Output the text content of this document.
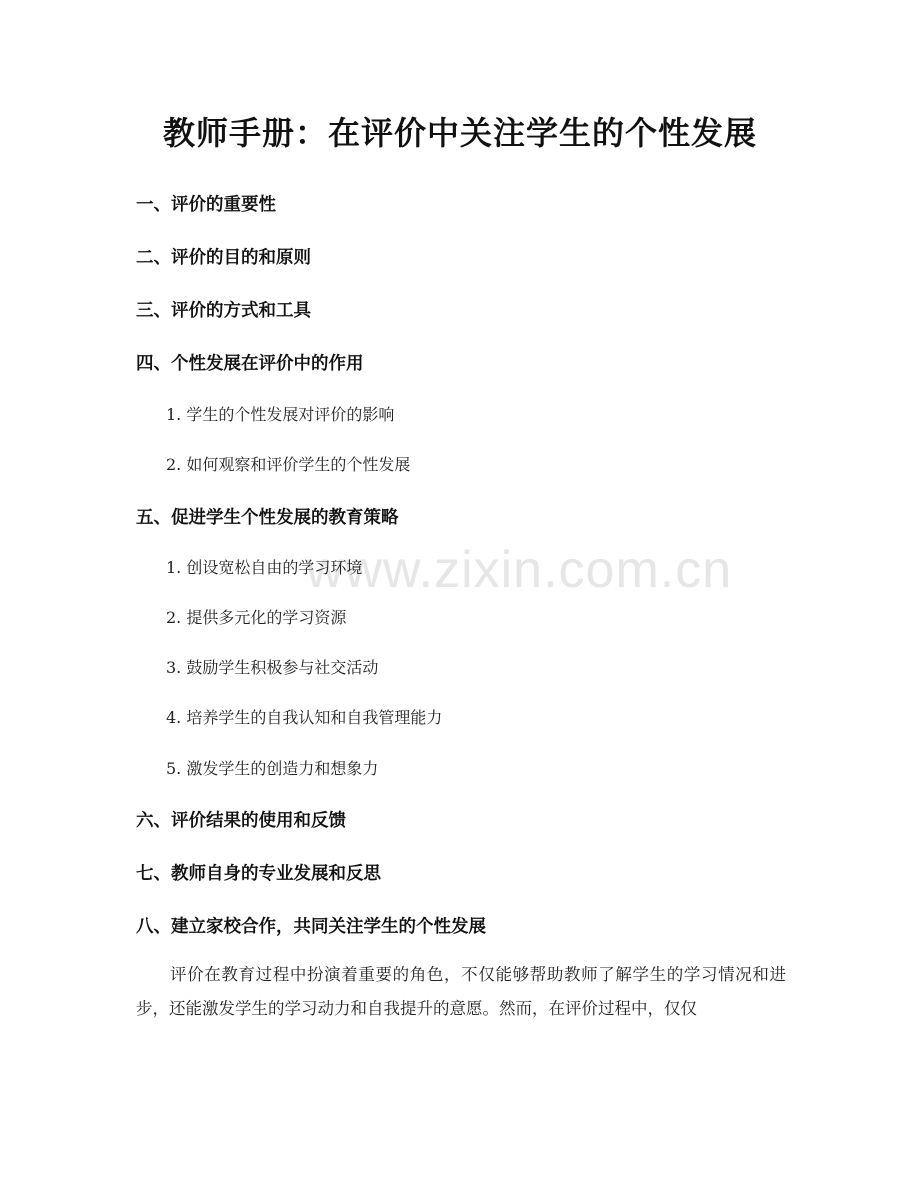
www.zixin.com.cn
教师手册：在评价中关注学生的个性发展
一、评价的重要性
二、评价的目的和原则
三、评价的方式和工具
四、个性发展在评价中的作用
1. 学生的个性发展对评价的影响
2. 如何观察和评价学生的个性发展
五、促进学生个性发展的教育策略
1. 创设宽松自由的学习环境
2. 提供多元化的学习资源
3. 鼓励学生积极参与社交活动
4. 培养学生的自我认知和自我管理能力
5. 激发学生的创造力和想象力
六、评价结果的使用和反馈
七、教师自身的专业发展和反思
八、建立家校合作，共同关注学生的个性发展
评价在教育过程中扮演着重要的角色，不仅能够帮助教师了解学生的学习情况和进步，还能激发学生的学习动力和自我提升的意愿。然而，在评价过程中，仅仅
